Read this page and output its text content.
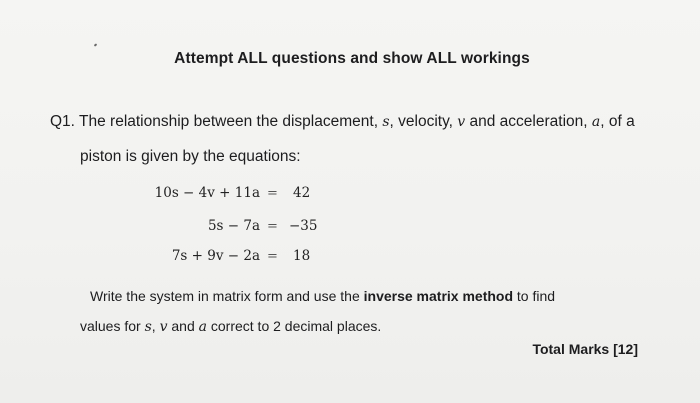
Attempt ALL questions and show ALL workings
Q1. The relationship between the displacement, s, velocity, v and acceleration, a, of a
piston is given by the equations:
10s − 4v + 11a = 42
5s − 7a = −35
7s + 9v − 2a = 18
Write the system in matrix form and use the inverse matrix method to find
values for s, v and a correct to 2 decimal places.
Total Marks [12]
